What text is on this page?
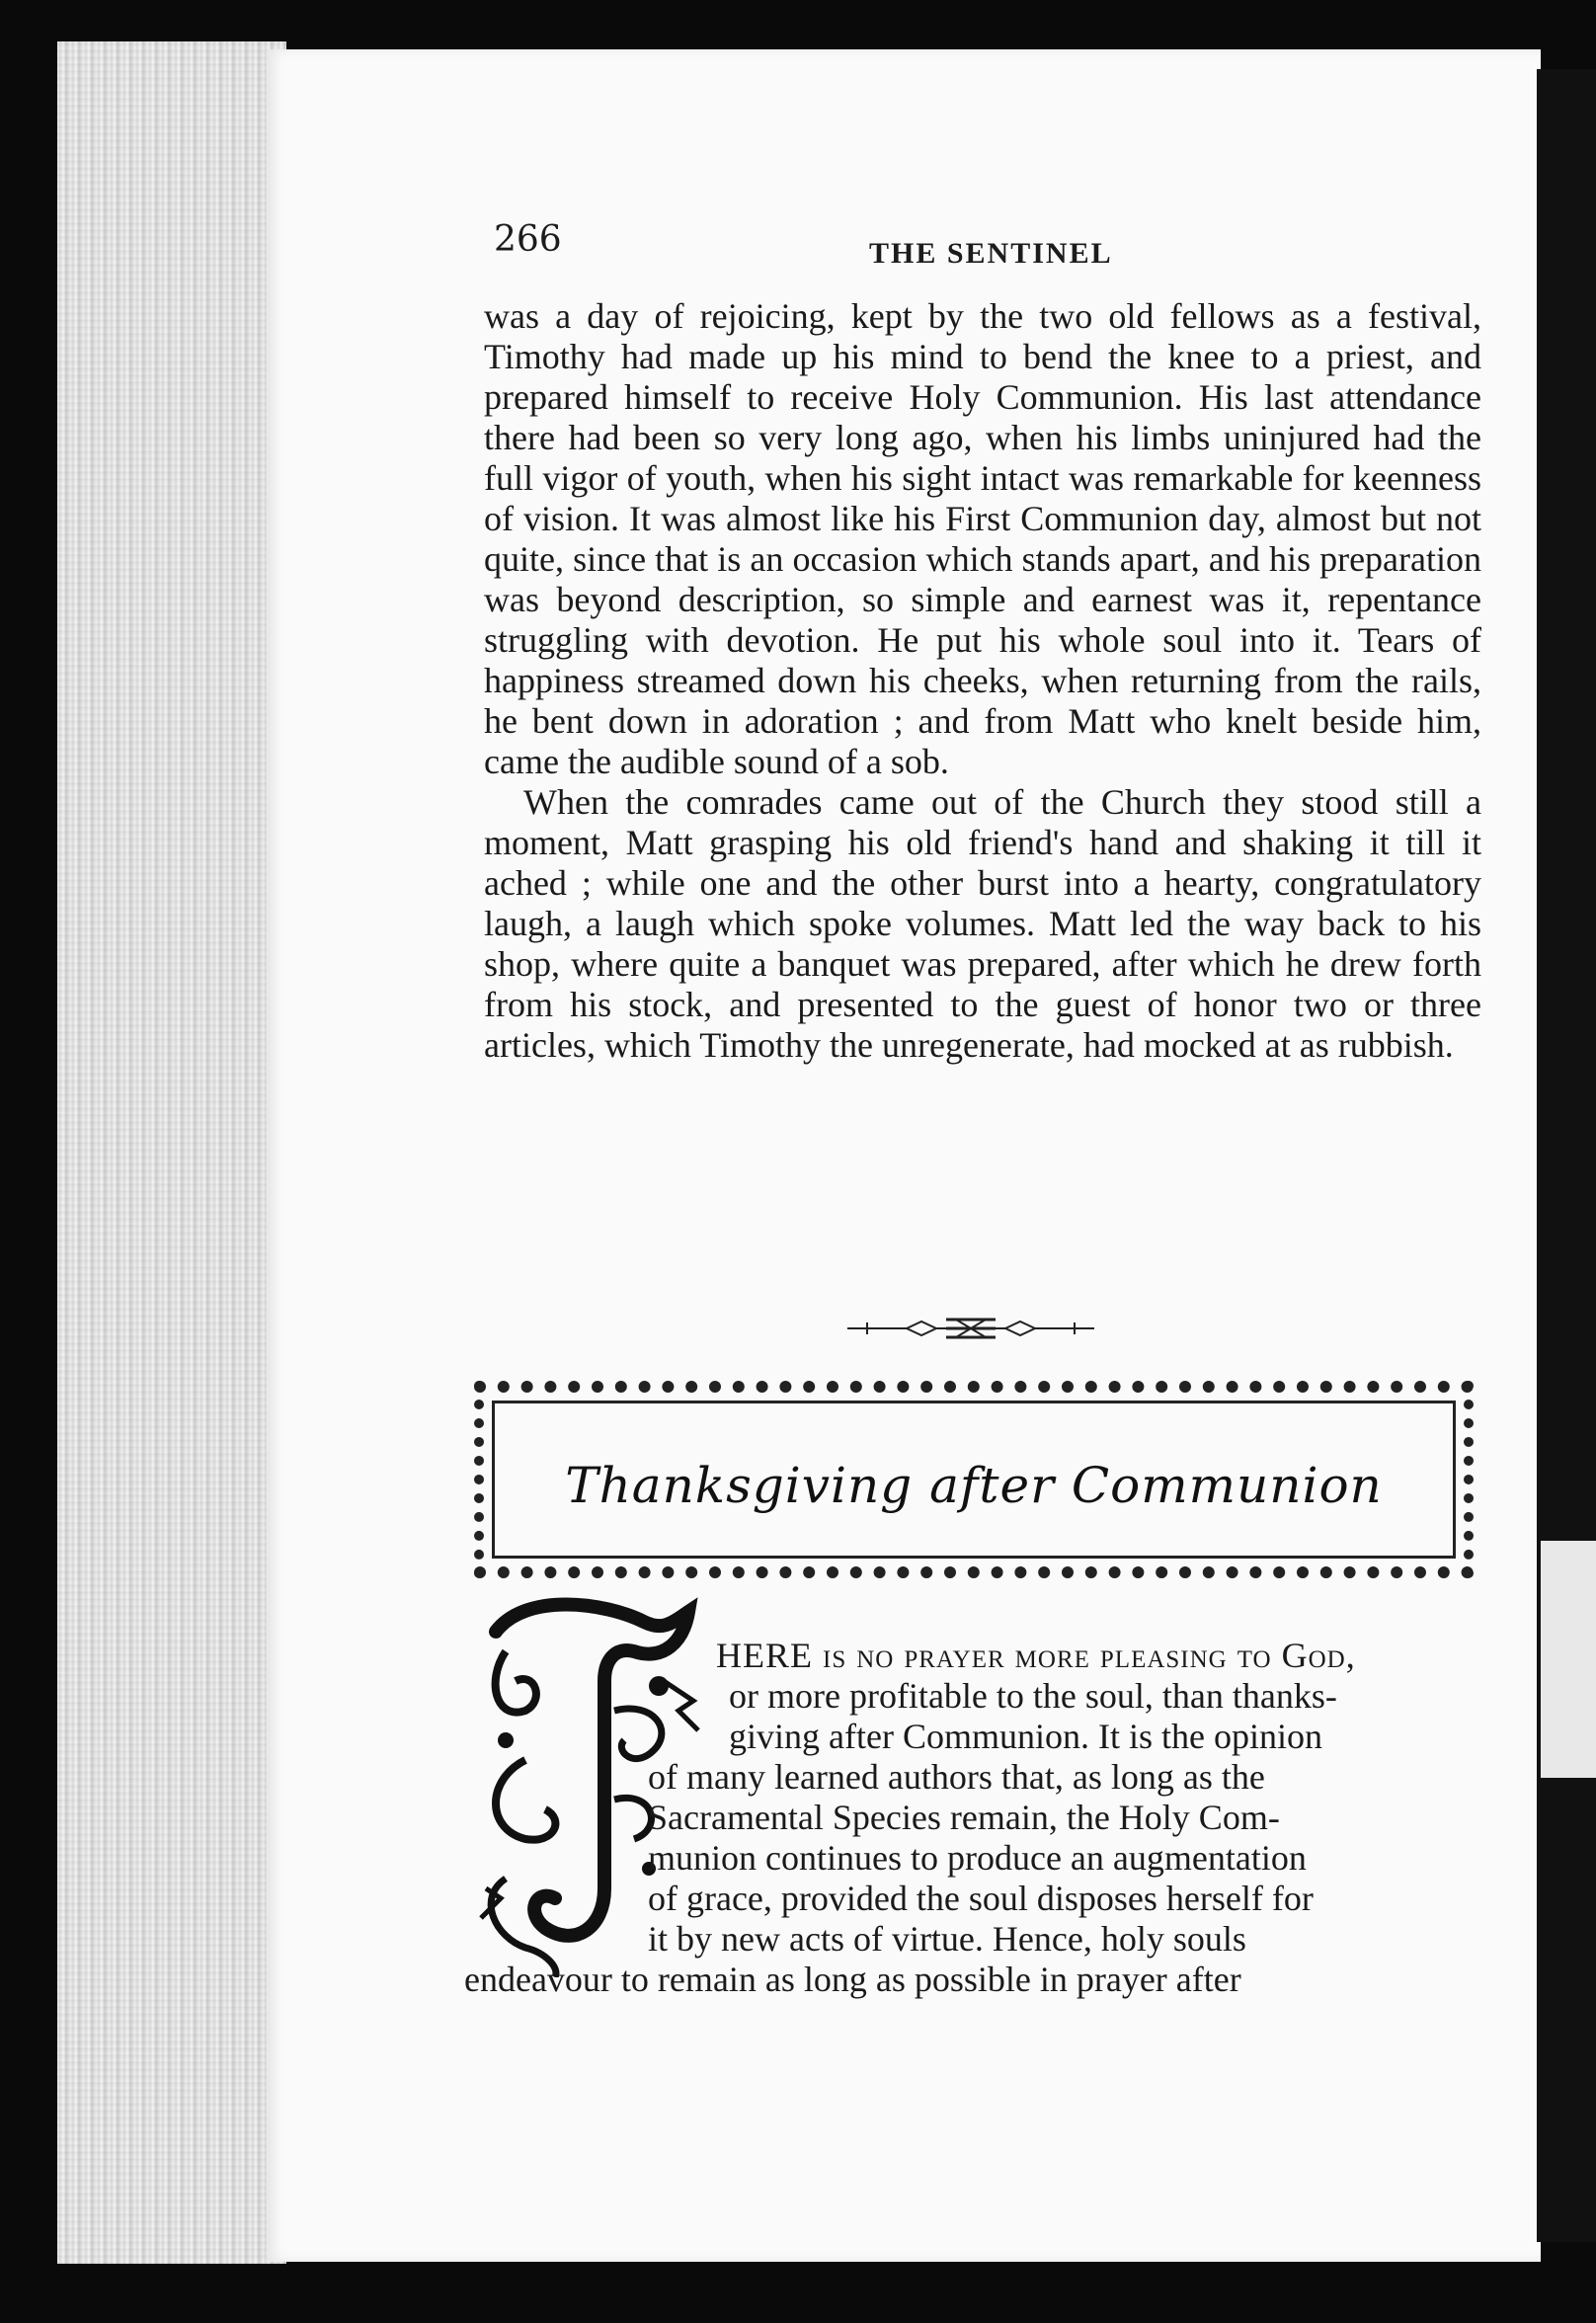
266	THE SENTINEL

was a day of rejoicing, kept by the two old fellows as a festival, Timothy had made up his mind to bend the knee to a priest, and prepared himself to receive Holy Communion. His last attendance there had been so very long ago, when his limbs uninjured had the full vigor of youth, when his sight intact was remarkable for keenness of vision. It was almost like his First Communion day, almost but not quite, since that is an occasion which stands apart, and his preparation was beyond description, so simple and earnest was it, repentance struggling with devotion. He put his whole soul into it. Tears of happiness streamed down his cheeks, when returning from the rails, he bent down in adoration ; and from Matt who knelt beside him, came the audible sound of a sob.

When the comrades came out of the Church they stood still a moment, Matt grasping his old friend's hand and shaking it till it ached ; while one and the other burst into a hearty, congratulatory laugh, a laugh which spoke volumes. Matt led the way back to his shop, where quite a banquet was prepared, after which he drew forth from his stock, and presented to the guest of honor two or three articles, which Timothy the unregenerate, had mocked at as rubbish.

Thanksgiving after Communion
HERE is no prayer more pleasing to God,
or more profitable to the soul, than thanks-
giving after Communion. It is the opinion
of many learned authors that, as long as the
Sacramental Species remain, the Holy Com-
munion continues to produce an augmentation
of grace, provided the soul disposes herself for
it by new acts of virtue. Hence, holy souls
endeavour to remain as long as possible in prayer after
